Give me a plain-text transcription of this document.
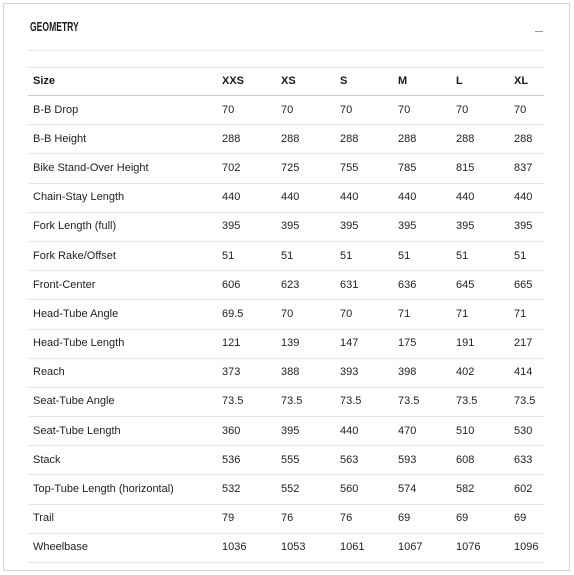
GEOMETRY
Size	XXS	XS	S	M	L	XL
B-B Drop	70	70	70	70	70	70
B-B Height	288	288	288	288	288	288
Bike Stand-Over Height	702	725	755	785	815	837
Chain-Stay Length	440	440	440	440	440	440
Fork Length (full)	395	395	395	395	395	395
Fork Rake/Offset	51	51	51	51	51	51
Front-Center	606	623	631	636	645	665
Head-Tube Angle	69.5	70	70	71	71	71
Head-Tube Length	121	139	147	175	191	217
Reach	373	388	393	398	402	414
Seat-Tube Angle	73.5	73.5	73.5	73.5	73.5	73.5
Seat-Tube Length	360	395	440	470	510	530
Stack	536	555	563	593	608	633
Top-Tube Length (horizontal)	532	552	560	574	582	602
Trail	79	76	76	69	69	69
Wheelbase	1036	1053	1061	1067	1076	1096
